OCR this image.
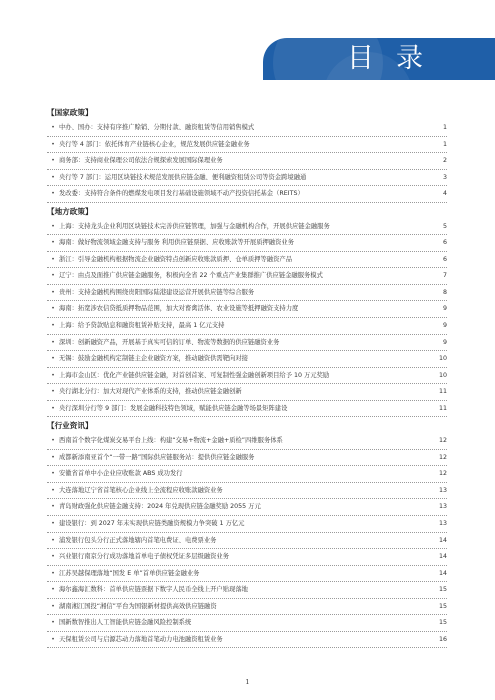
目录
【国家政策】
• 中办、国办：支持有序推广赊销、分期付款、融资租赁等信用销售模式	1
• 央行等 4 部门：依托体育产业链核心企业，规范发展供应链金融业务	1
• 商务部：支持商业保理公司依法合规探索发展国际保理业务	2
• 央行等 7 部门：运用区块链技术规范发展供应链金融、便利融资租赁公司等资金跨境融通	3
• 发改委：支持符合条件的燃煤发电项目发行基础设施领域不动产投资信托基金（REITS）	4
【地方政策】
• 上海：支持龙头企业利用区块链技术完善供应链管理，加强与金融机构合作，开展供应链金融服务	5
• 海南：做好物流领域金融支持与服务 利用供应链票据、应收账款等开展质押融资业务	6
• 浙江：引导金融机构根据物流企业融资特点创新应收账款质押、仓单质押等融资产品	6
• 辽宁：由点及面推广供应链金融服务，积极向全省 22 个重点产业集群推广供应链金融服务模式	7
• 贵州：支持金融机构围绕贵阳国际陆港建设运营开展供应链等综合服务	8
• 海南：拓宽涉农信贷抵质押物品范围，加大对畜禽活体、农业设施等抵押融资支持力度	9
• 上海：给予贷款贴息和融资租赁补贴支持，最高 1 亿元支持	9
• 深圳：创新融资产品，开展基于真实可信的订单、物流等数据的供应链融资业务	9
• 无锡：鼓励金融机构定制链主企业融资方案，推动融资供需靶向对接	10
• 上海市金山区：优化产业链供应链金融，对首创首案、可复制性强金融创新项目给予 10 万元奖励	10
• 央行湖北分行：加大对现代产业体系的支持，推动供应链金融创新	11
• 央行深圳分行等 9 部门：发展金融科技特色领域，赋能供应链金融等场景矩阵建设	11
【行业资讯】
• 西南首个数字化煤炭交易平台上线：构建“交易+物流+金融+质检”四维服务体系	12
• 成都新添南亚首个“一带一路”国际供应链服务站：提供供应链金融服务	12
• 安徽省首单中小企业应收账款 ABS 成功发行	12
• 大连落地辽宁省首笔核心企业线上全流程应收账款融资业务	13
• 青岛财政强化供应链金融支持：2024 年兑现供应链金融奖励 2055 万元	13
• 建设银行：到 2027 年末实现供应链类融资规模力争突破 1 万亿元	13
• 浦发银行包头分行正式落地辖内首笔电费证、电费票业务	14
• 兴业银行南京分行成功落地首单电子债权凭证多层级融资业务	14
• 江苏吴越保理落地“国发 E 单”首单供应链金融业务	14
• 海尔鑫海汇数科：首单供应链票据下数字人民币全线上开户贴现落地	15
• 湖南湘江国投“湘信”平台为国银新材提供高效供应链融资	15
• 国新数智推出人工智能供应链金融风险控制系统	15
• 天保租赁公司与启源芯动力落地首笔动力电池融资租赁业务	16
1
